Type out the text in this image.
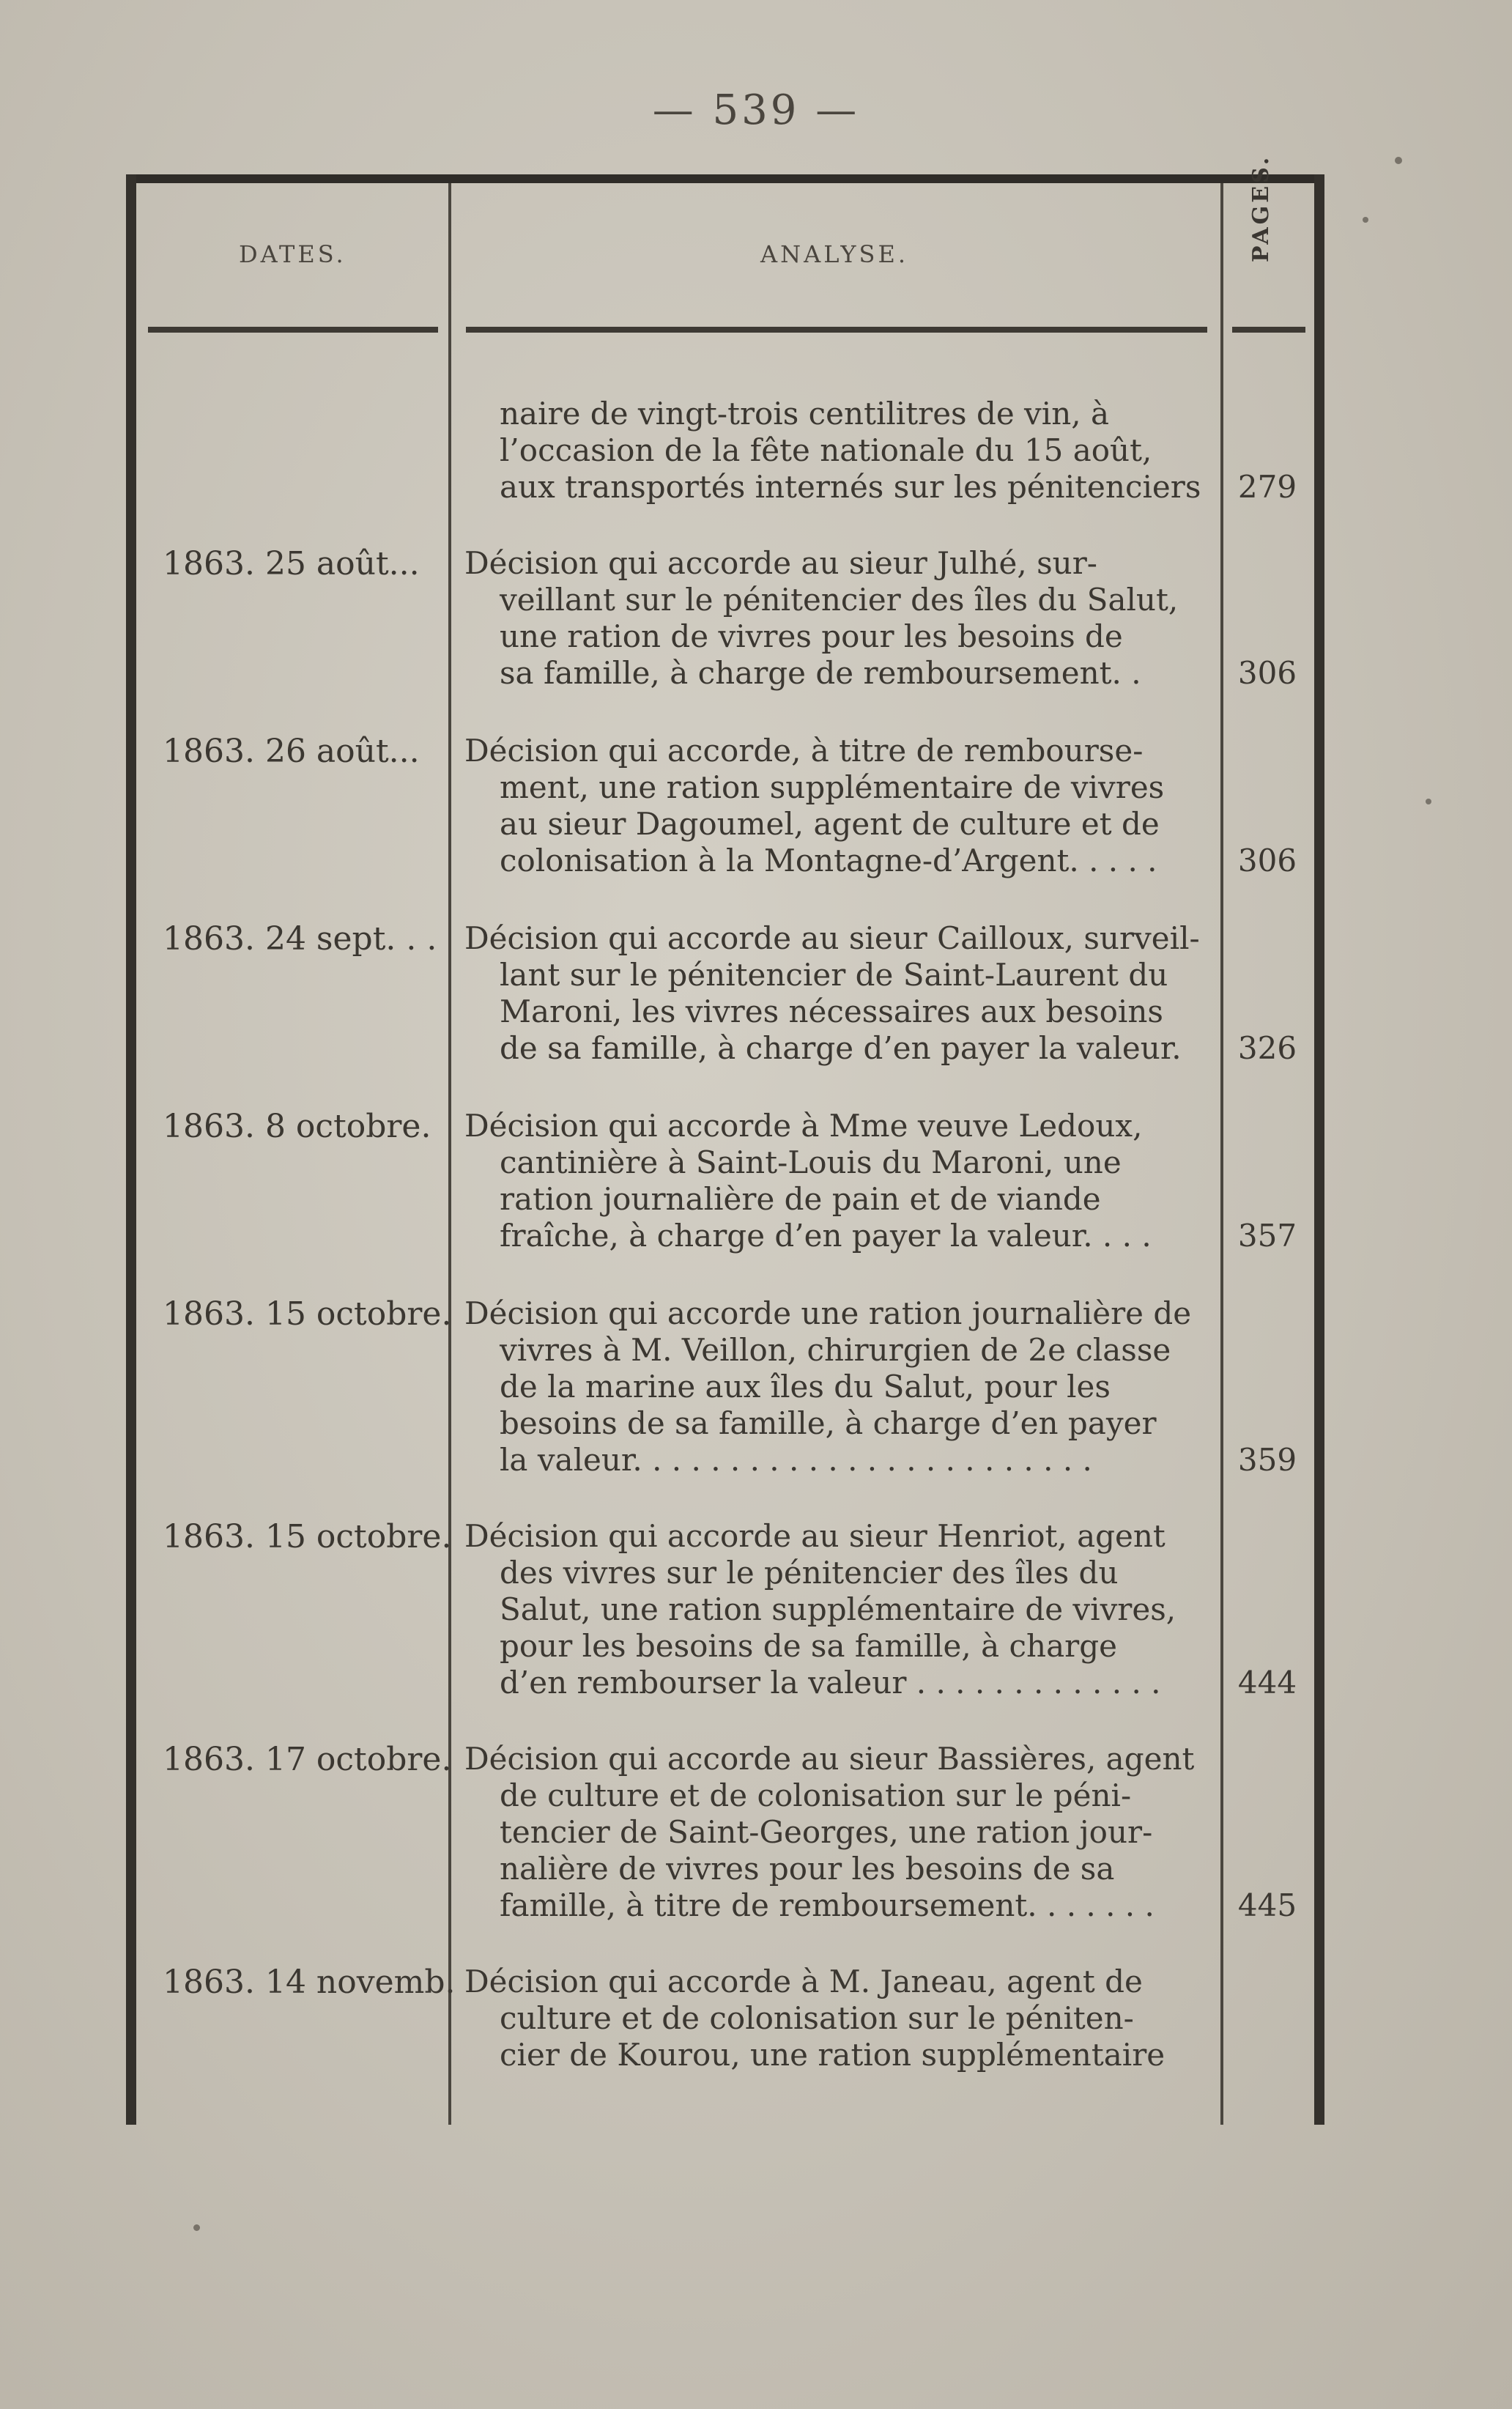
— 539 —
DATES.	ANALYSE.	PAGES.
naire de vingt-trois centilitres de vin, à
l’occasion de la fête nationale du 15 août,
aux transportés internés sur les pénitenciers	279
1863. 25 août...	Décision qui accorde au sieur Julhé, sur-
veillant sur le pénitencier des îles du Salut,
une ration de vivres pour les besoins de
sa famille, à charge de remboursement. .	306
1863. 26 août...	Décision qui accorde, à titre de rembourse-
ment, une ration supplémentaire de vivres
au sieur Dagoumel, agent de culture et de
colonisation à la Montagne-d’Argent. . . . .	306
1863. 24 sept. . . Décision qui accorde au sieur Cailloux, surveil-
lant sur le pénitencier de Saint-Laurent du
Maroni, les vivres nécessaires aux besoins
de sa famille, à charge d’en payer la valeur.	326
1863. 8 octobre.	Décision qui accorde à Mme veuve Ledoux,
cantinière à Saint-Louis du Maroni, une
ration journalière de pain et de viande
fraîche, à charge d’en payer la valeur. . . .	357
1863. 15 octobre. Décision qui accorde une ration journalière de
vivres à M. Veillon, chirurgien de 2e classe
de la marine aux îles du Salut, pour les
besoins de sa famille, à charge d’en payer
la valeur. . . . . . . . . . . . . . . . . . . . . . . .	359
1863. 15 octobre. Décision qui accorde au sieur Henriot, agent
des vivres sur le pénitencier des îles du
Salut, une ration supplémentaire de vivres,
pour les besoins de sa famille, à charge
d’en rembourser la valeur . . . . . . . . . . . . .	444
1863. 17 octobre. Décision qui accorde au sieur Bassières, agent
de culture et de colonisation sur le péni-
tencier de Saint-Georges, une ration jour-
nalière de vivres pour les besoins de sa
famille, à titre de remboursement. . . . . . .	445
1863. 14 novemb. Décision qui accorde à M. Janeau, agent de
culture et de colonisation sur le péniten-
cier de Kourou, une ration supplémentaire
